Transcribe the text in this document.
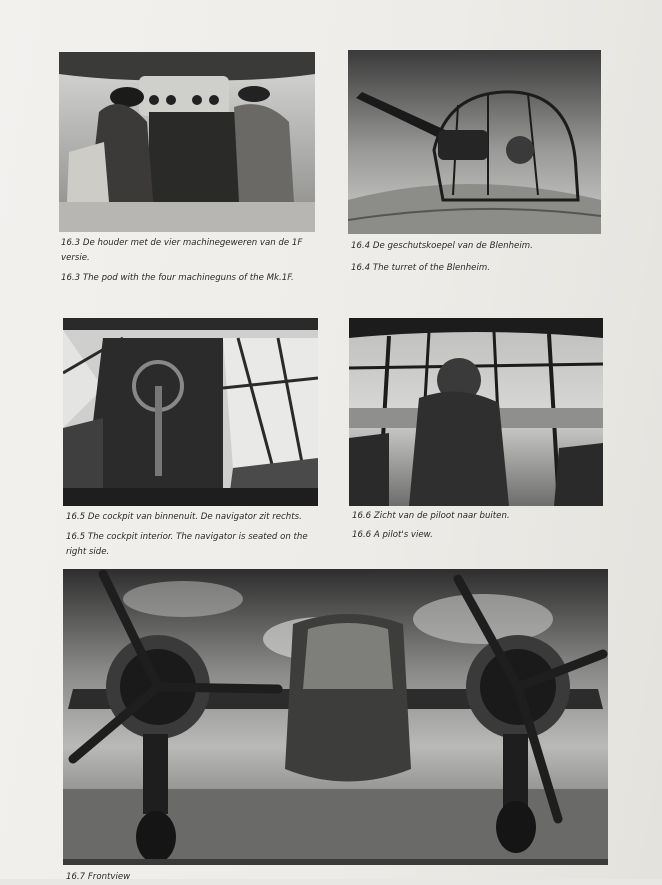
16.3 De houder met de vier machinegeweren van de 1F versie.

16.3 The pod with the four machineguns of the Mk.1F.

16.4 De geschutskoepel van de Blenheim.

16.4 The turret of the Blenheim.

16.5 De cockpit van binnenuit. De navigator zit rechts.

16.5 The cockpit interior. The navigator is seated on the right side.

16.6 Zicht van de piloot naar buiten.

16.6 A pilot's view.

16.7 Frontview
